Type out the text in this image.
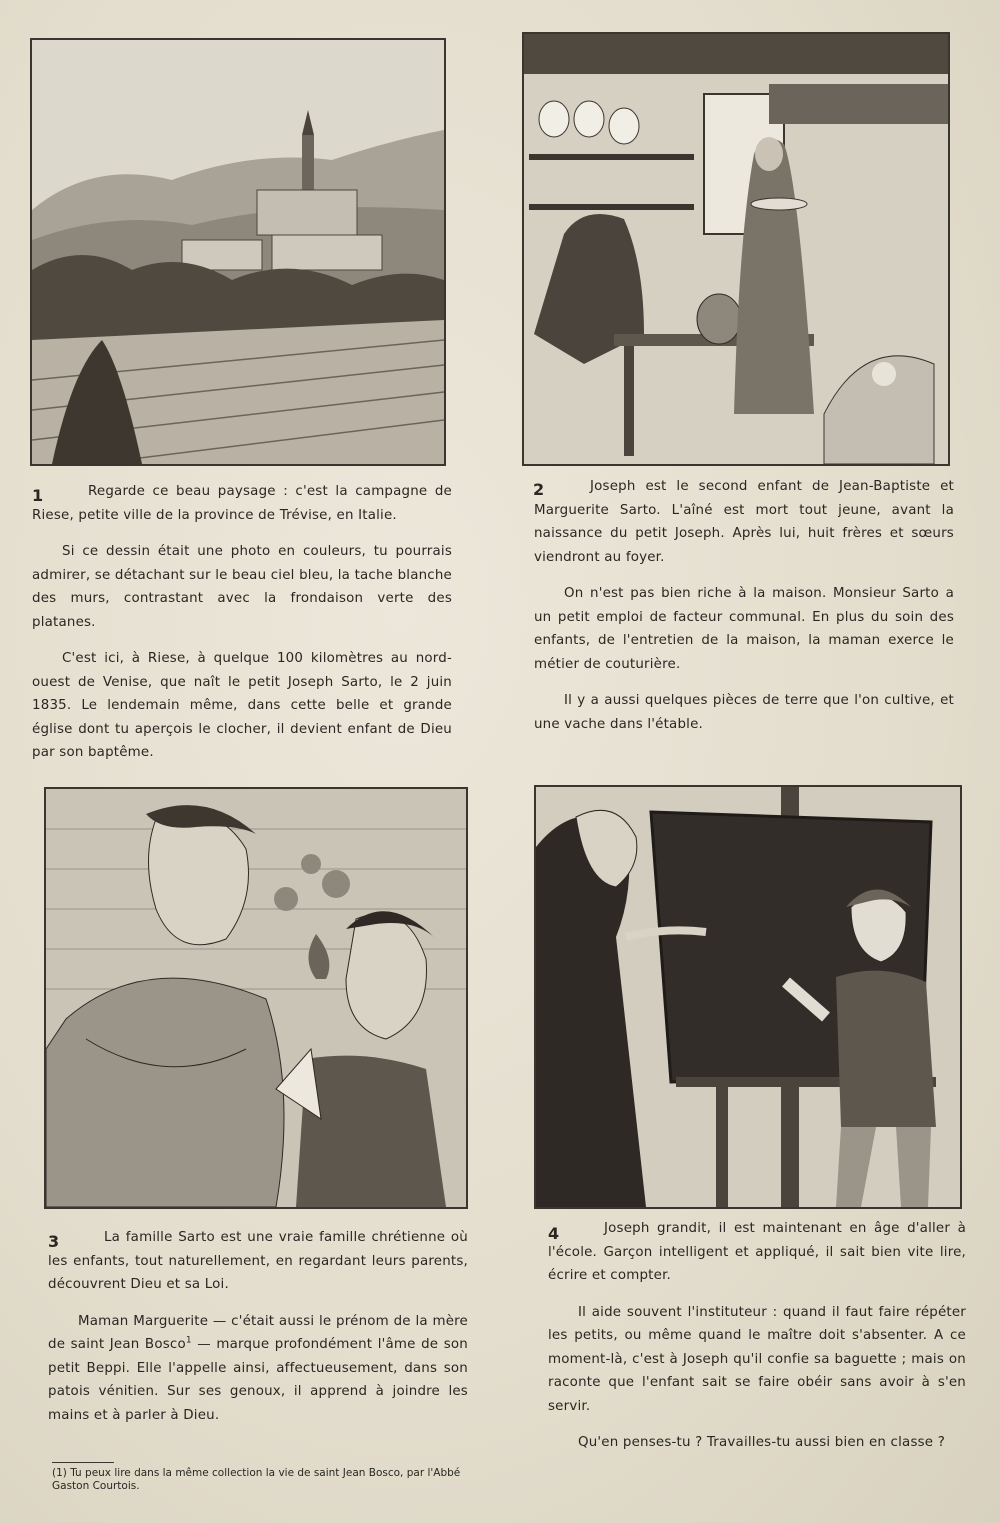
1	2
3	4

Regarde ce beau paysage : c'est la campagne de Riese, petite ville de la province de Trévise, en Italie.

Si ce dessin était une photo en couleurs, tu pourrais admirer, se détachant sur le beau ciel bleu, la tache blanche des murs, contrastant avec la frondaison verte des platanes.

C'est ici, à Riese, à quelque 100 kilomètres au nord-ouest de Venise, que naît le petit Joseph Sarto, le 2 juin 1835. Le lendemain même, dans cette belle et grande église dont tu aperçois le clocher, il devient enfant de Dieu par son baptême.

Joseph est le second enfant de Jean-Baptiste et Marguerite Sarto. L'aîné est mort tout jeune, avant la naissance du petit Joseph. Après lui, huit frères et sœurs viendront au foyer.

On n'est pas bien riche à la maison. Monsieur Sarto a un petit emploi de facteur communal. En plus du soin des enfants, de l'entretien de la maison, la maman exerce le métier de couturière.

Il y a aussi quelques pièces de terre que l'on cultive, et une vache dans l'étable.

La famille Sarto est une vraie famille chrétienne où les enfants, tout naturellement, en regardant leurs parents, découvrent Dieu et sa Loi.

Maman Marguerite — c'était aussi le prénom de la mère de saint Jean Bosco$^1$ — marque profondément l'âme de son petit Beppi. Elle l'appelle ainsi, affectueusement, dans son patois vénitien. Sur ses genoux, il apprend à joindre les mains et à parler à Dieu.

Joseph grandit, il est maintenant en âge d'aller à l'école. Garçon intelligent et appliqué, il sait bien vite lire, écrire et compter.

Il aide souvent l'instituteur : quand il faut faire répéter les petits, ou même quand le maître doit s'absenter. A ce moment-là, c'est à Joseph qu'il confie sa baguette ; mais on raconte que l'enfant sait se faire obéir sans avoir à s'en servir.

Qu'en penses-tu ? Travailles-tu aussi bien en classe ?

(1) Tu peux lire dans la même collection la vie de saint Jean Bosco, par l'Abbé Gaston Courtois.
